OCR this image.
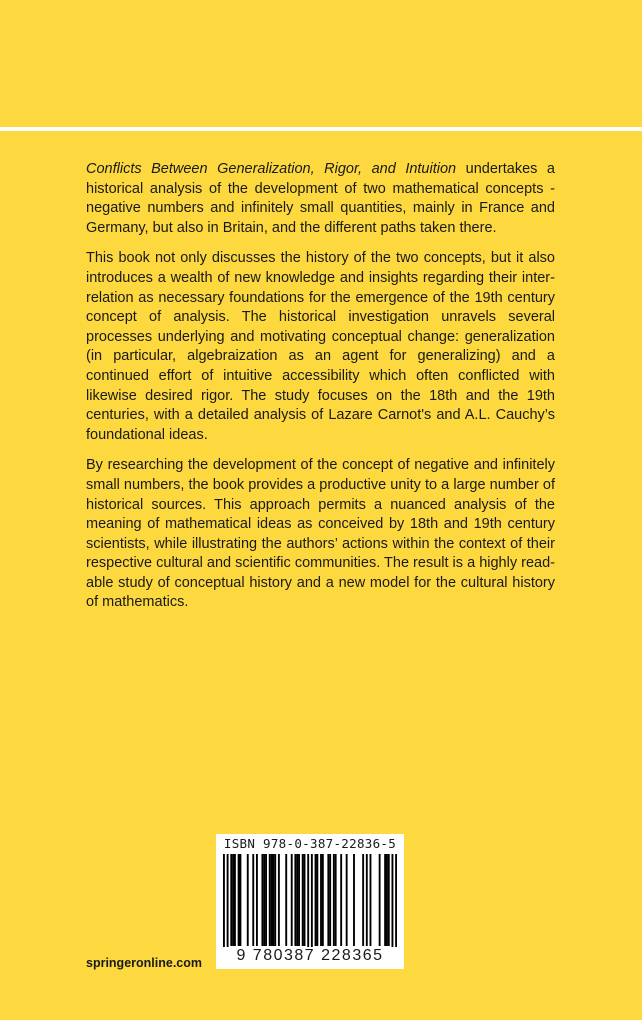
Conflicts Between Generalization, Rigor, and Intuition undertakes a historical analysis of the development of two mathematical concepts -negative numbers and infinitely small quantities, mainly in France and Germany, but also in Britain, and the different paths taken there.

This book not only discusses the history of the two concepts, but it also introduces a wealth of new knowledge and insights regarding their interrelation as necessary foundations for the emergence of the 19th century concept of analysis. The historical investigation unravels several processes underlying and motivating conceptual change: generalization (in particular, algebraization as an agent for generalizing) and a continued effort of intuitive accessibility which often conflicted with likewise desired rigor. The study focuses on the 18th and the 19th centuries, with a detailed analysis of Lazare Carnot's and A.L. Cauchy’s foundational ideas.

By researching the development of the concept of negative and infinitely small numbers, the book provides a productive unity to a large number of historical sources. This approach permits a nuanced analysis of the meaning of mathematical ideas as conceived by 18th and 19th century scientists, while illustrating the authors’ actions within the context of their respective cultural and scientific communities. The result is a highly readable study of conceptual history and a new model for the cultural history of mathematics.

springeronline.com
ISBN 978-0-387-22836-5
9 780387 228365
